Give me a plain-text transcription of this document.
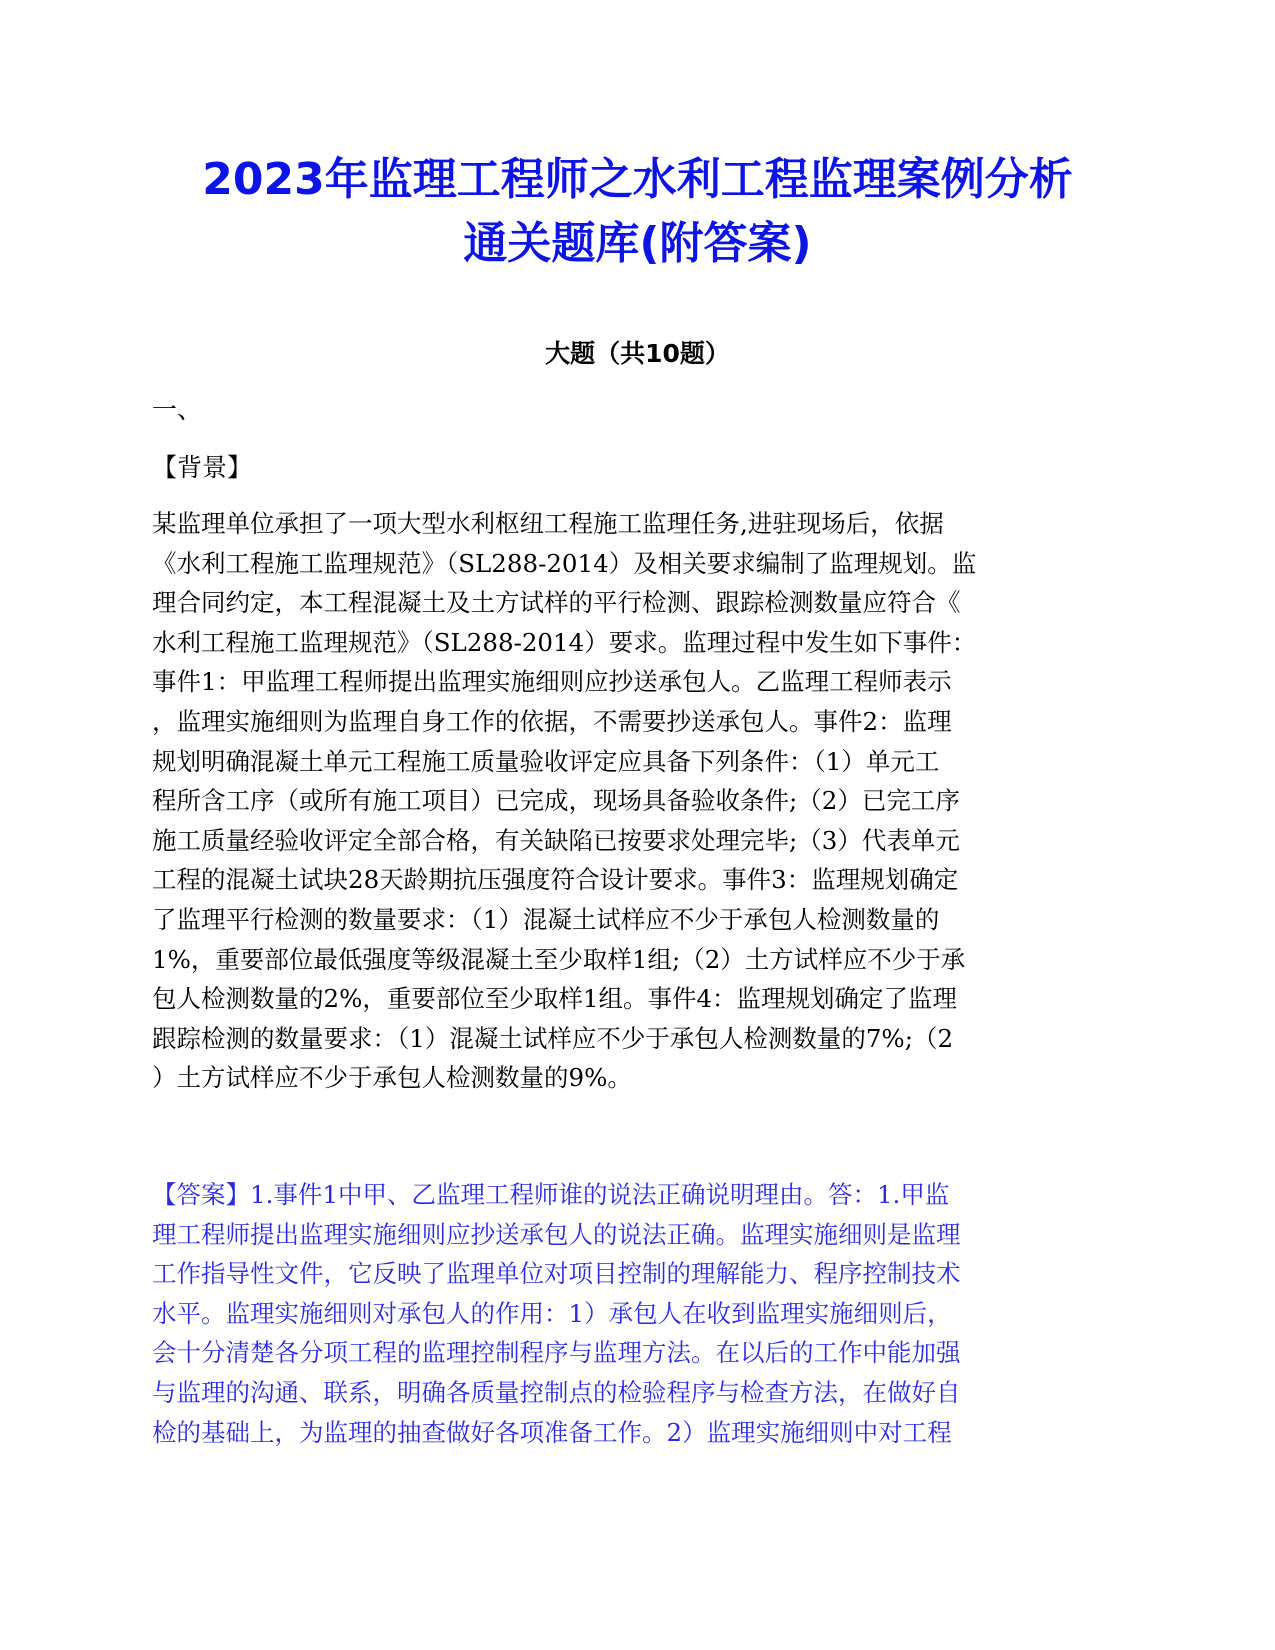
2023年监理工程师之水利工程监理案例分析
通关题库(附答案)
大题（共10题）
一、
【背景】
某监理单位承担了一项大型水利枢纽工程施工监理任务,进驻现场后，依据
《水利工程施工监理规范》（SL288-2014）及相关要求编制了监理规划。监
理合同约定，本工程混凝土及土方试样的平行检测、跟踪检测数量应符合《
水利工程施工监理规范》（SL288-2014）要求。监理过程中发生如下事件：
事件1：甲监理工程师提出监理实施细则应抄送承包人。乙监理工程师表示
，监理实施细则为监理自身工作的依据，不需要抄送承包人。事件2：监理
规划明确混凝土单元工程施工质量验收评定应具备下列条件：（1）单元工
程所含工序（或所有施工项目）已完成，现场具备验收条件;（2）已完工序
施工质量经验收评定全部合格，有关缺陷已按要求处理完毕;（3）代表单元
工程的混凝土试块28天龄期抗压强度符合设计要求。事件3：监理规划确定
了监理平行检测的数量要求：（1）混凝土试样应不少于承包人检测数量的
1%，重要部位最低强度等级混凝土至少取样1组;（2）土方试样应不少于承
包人检测数量的2%，重要部位至少取样1组。事件4：监理规划确定了监理
跟踪检测的数量要求：（1）混凝土试样应不少于承包人检测数量的7%;（2
）土方试样应不少于承包人检测数量的9%。
【答案】1.事件1中甲、乙监理工程师谁的说法正确说明理由。答：1.甲监
理工程师提出监理实施细则应抄送承包人的说法正确。监理实施细则是监理
工作指导性文件，它反映了监理单位对项目控制的理解能力、程序控制技术
水平。监理实施细则对承包人的作用：1）承包人在收到监理实施细则后，
会十分清楚各分项工程的监理控制程序与监理方法。在以后的工作中能加强
与监理的沟通、联系，明确各质量控制点的检验程序与检查方法，在做好自
检的基础上，为监理的抽查做好各项准备工作。2）监理实施细则中对工程
